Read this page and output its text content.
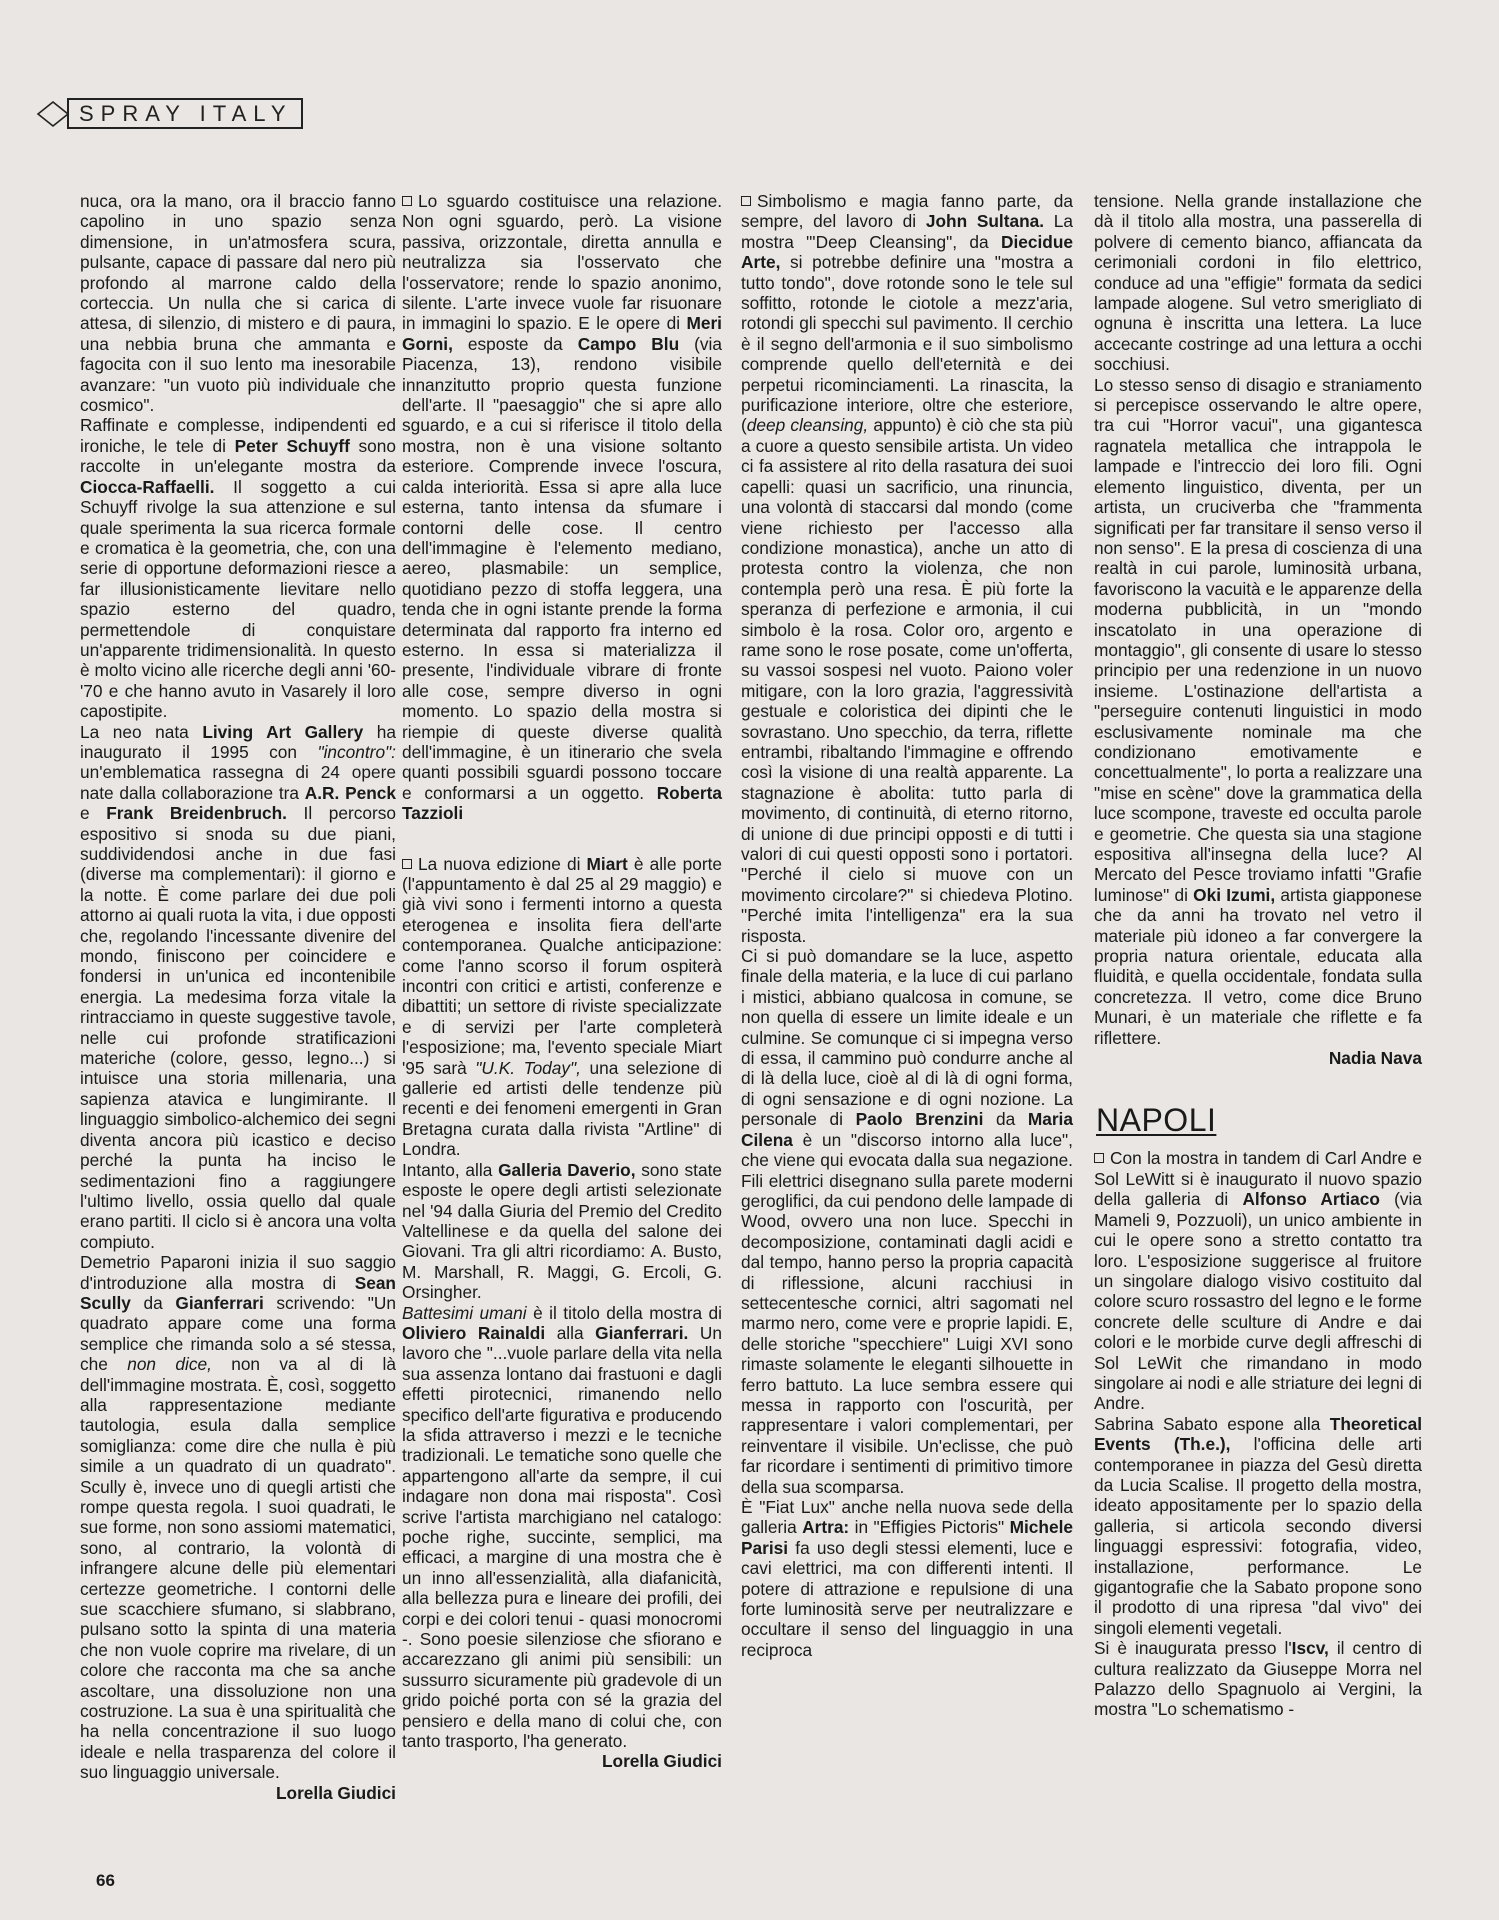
SPRAY ITALY

nuca, ora la mano, ora il braccio fanno capolino in uno spazio senza dimensione, in un'atmosfera scura, pulsante, capace di passare dal nero più profondo al marrone caldo della corteccia. Un nulla che si carica di attesa, di silenzio, di mistero e di paura, una nebbia bruna che ammanta e fagocita con il suo lento ma inesorabile avanzare: "un vuoto più individuale che cosmico".

Raffinate e complesse, indipendenti ed ironiche, le tele di Peter Schuyff sono raccolte in un'elegante mostra da Ciocca-Raffaelli. Il soggetto a cui Schuyff rivolge la sua attenzione e sul quale sperimenta la sua ricerca formale e cromatica è la geometria, che, con una serie di opportune deformazioni riesce a far illusionisticamente lievitare nello spazio esterno del quadro, permettendole di conquistare un'apparente tridimensionalità. In questo è molto vicino alle ricerche degli anni '60-'70 e che hanno avuto in Vasarely il loro capostipite.

La neo nata Living Art Gallery ha inaugurato il 1995 con "incontro": un'emblematica rassegna di 24 opere nate dalla collaborazione tra A.R. Penck e Frank Breidenbruch. Il percorso espositivo si snoda su due piani, suddividendosi anche in due fasi (diverse ma complementari): il giorno e la notte. È come parlare dei due poli attorno ai quali ruota la vita, i due opposti che, regolando l'incessante divenire del mondo, finiscono per coincidere e fondersi in un'unica ed incontenibile energia. La medesima forza vitale la rintracciamo in queste suggestive tavole, nelle cui profonde stratificazioni materiche (colore, gesso, legno...) si intuisce una storia millenaria, una sapienza atavica e lungimirante. Il linguaggio simbolico-alchemico dei segni diventa ancora più icastico e deciso perché la punta ha inciso le sedimentazioni fino a raggiungere l'ultimo livello, ossia quello dal quale erano partiti. Il ciclo si è ancora una volta compiuto.

Demetrio Paparoni inizia il suo saggio d'introduzione alla mostra di Sean Scully da Gianferrari scrivendo: "Un quadrato appare come una forma semplice che rimanda solo a sé stessa, che non dice, non va al di là dell'immagine mostrata. È, così, soggetto alla rappresentazione mediante tautologia, esula dalla semplice somiglianza: come dire che nulla è più simile a un quadrato di un quadrato". Scully è, invece uno di quegli artisti che rompe questa regola. I suoi quadrati, le sue forme, non sono assiomi matematici, sono, al contrario, la volontà di infrangere alcune delle più elementari certezze geometriche. I contorni delle sue scacchiere sfumano, si slabbrano, pulsano sotto la spinta di una materia che non vuole coprire ma rivelare, di un colore che racconta ma che sa anche ascoltare, una dissoluzione non una costruzione. La sua è una spiritualità che ha nella concentrazione il suo luogo ideale e nella trasparenza del colore il suo linguaggio universale.

Lorella Giudici

Lo sguardo costituisce una relazione. Non ogni sguardo, però. La visione passiva, orizzontale, diretta annulla e neutralizza sia l'osservato che l'osservatore; rende lo spazio anonimo, silente. L'arte invece vuole far risuonare in immagini lo spazio. E le opere di Meri Gorni, esposte da Campo Blu (via Piacenza, 13), rendono visibile innanzitutto proprio questa funzione dell'arte. Il "paesaggio" che si apre allo sguardo, e a cui si riferisce il titolo della mostra, non è una visione soltanto esteriore. Comprende invece l'oscura, calda interiorità. Essa si apre alla luce esterna, tanto intensa da sfumare i contorni delle cose. Il centro dell'immagine è l'elemento mediano, aereo, plasmabile: un semplice, quotidiano pezzo di stoffa leggera, una tenda che in ogni istante prende la forma determinata dal rapporto fra interno ed esterno. In essa si materializza il presente, l'individuale vibrare di fronte alle cose, sempre diverso in ogni momento. Lo spazio della mostra si riempie di queste diverse qualità dell'immagine, è un itinerario che svela quanti possibili sguardi possono toccare e conformarsi a un oggetto. Roberta Tazzioli

La nuova edizione di Miart è alle porte (l'appuntamento è dal 25 al 29 maggio) e già vivi sono i fermenti intorno a questa eterogenea e insolita fiera dell'arte contemporanea. Qualche anticipazione: come l'anno scorso il forum ospiterà incontri con critici e artisti, conferenze e dibattiti; un settore di riviste specializzate e di servizi per l'arte completerà l'esposizione; ma, l'evento speciale Miart '95 sarà "U.K. Today", una selezione di gallerie ed artisti delle tendenze più recenti e dei fenomeni emergenti in Gran Bretagna curata dalla rivista "Artline" di Londra.

Intanto, alla Galleria Daverio, sono state esposte le opere degli artisti selezionate nel '94 dalla Giuria del Premio del Credito Valtellinese e da quella del salone dei Giovani. Tra gli altri ricordiamo: A. Busto, M. Marshall, R. Maggi, G. Ercoli, G. Orsingher.

Battesimi umani è il titolo della mostra di Oliviero Rainaldi alla Gianferrari. Un lavoro che "...vuole parlare della vita nella sua assenza lontano dai frastuoni e dagli effetti pirotecnici, rimanendo nello specifico dell'arte figurativa e producendo la sfida attraverso i mezzi e le tecniche tradizionali. Le tematiche sono quelle che appartengono all'arte da sempre, il cui indagare non dona mai risposta". Così scrive l'artista marchigiano nel catalogo: poche righe, succinte, semplici, ma efficaci, a margine di una mostra che è un inno all'essenzialità, alla diafanicità, alla bellezza pura e lineare dei profili, dei corpi e dei colori tenui - quasi monocromi -. Sono poesie silenziose che sfiorano e accarezzano gli animi più sensibili: un sussurro sicuramente più gradevole di un grido poiché porta con sé la grazia del pensiero e della mano di colui che, con tanto trasporto, l'ha generato.

Lorella Giudici

Simbolismo e magia fanno parte, da sempre, del lavoro di John Sultana. La mostra "'Deep Cleansing", da Diecidue Arte, si potrebbe definire una "mostra a tutto tondo", dove rotonde sono le tele sul soffitto, rotonde le ciotole a mezz'aria, rotondi gli specchi sul pavimento. Il cerchio è il segno dell'armonia e il suo simbolismo comprende quello dell'eternità e dei perpetui ricominciamenti. La rinascita, la purificazione interiore, oltre che esteriore, (deep cleansing, appunto) è ciò che sta più a cuore a questo sensibile artista. Un video ci fa assistere al rito della rasatura dei suoi capelli: quasi un sacrificio, una rinuncia, una volontà di staccarsi dal mondo (come viene richiesto per l'accesso alla condizione monastica), anche un atto di protesta contro la violenza, che non contempla però una resa. È più forte la speranza di perfezione e armonia, il cui simbolo è la rosa. Color oro, argento e rame sono le rose posate, come un'offerta, su vassoi sospesi nel vuoto. Paiono voler mitigare, con la loro grazia, l'aggressività gestuale e coloristica dei dipinti che le sovrastano. Uno specchio, da terra, riflette entrambi, ribaltando l'immagine e offrendo così la visione di una realtà apparente. La stagnazione è abolita: tutto parla di movimento, di continuità, di eterno ritorno, di unione di due principi opposti e di tutti i valori di cui questi opposti sono i portatori. "Perché il cielo si muove con un movimento circolare?" si chiedeva Plotino. "Perché imita l'intelligenza" era la sua risposta.

Ci si può domandare se la luce, aspetto finale della materia, e la luce di cui parlano i mistici, abbiano qualcosa in comune, se non quella di essere un limite ideale e un culmine. Se comunque ci si impegna verso di essa, il cammino può condurre anche al di là della luce, cioè al di là di ogni forma, di ogni sensazione e di ogni nozione. La personale di Paolo Brenzini da Maria Cilena è un "discorso intorno alla luce", che viene qui evocata dalla sua negazione. Fili elettrici disegnano sulla parete moderni geroglifici, da cui pendono delle lampade di Wood, ovvero una non luce. Specchi in decomposizione, contaminati dagli acidi e dal tempo, hanno perso la propria capacità di riflessione, alcuni racchiusi in settecentesche cornici, altri sagomati nel marmo nero, come vere e proprie lapidi. E, delle storiche "specchiere" Luigi XVI sono rimaste solamente le eleganti silhouette in ferro battuto. La luce sembra essere qui messa in rapporto con l'oscurità, per rappresentare i valori complementari, per reinventare il visibile. Un'eclisse, che può far ricordare i sentimenti di primitivo timore della sua scomparsa.

È "Fiat Lux" anche nella nuova sede della galleria Artra: in "Effigies Pictoris" Michele Parisi fa uso degli stessi elementi, luce e cavi elettrici, ma con differenti intenti. Il potere di attrazione e repulsione di una forte luminosità serve per neutralizzare e occultare il senso del linguaggio in una reciproca

tensione. Nella grande installazione che dà il titolo alla mostra, una passerella di polvere di cemento bianco, affiancata da cerimoniali cordoni in filo elettrico, conduce ad una "effigie" formata da sedici lampade alogene. Sul vetro smerigliato di ognuna è inscritta una lettera. La luce accecante costringe ad una lettura a occhi socchiusi.

Lo stesso senso di disagio e straniamento si percepisce osservando le altre opere, tra cui "Horror vacui", una gigantesca ragnatela metallica che intrappola le lampade e l'intreccio dei loro fili. Ogni elemento linguistico, diventa, per un artista, un cruciverba che "frammenta significati per far transitare il senso verso il non senso". E la presa di coscienza di una realtà in cui parole, luminosità urbana, favoriscono la vacuità e le apparenze della moderna pubblicità, in un "mondo inscatolato in una operazione di montaggio", gli consente di usare lo stesso principio per una redenzione in un nuovo insieme. L'ostinazione dell'artista a "perseguire contenuti linguistici in modo esclusivamente nominale ma che condizionano emotivamente e concettualmente", lo porta a realizzare una "mise en scène" dove la grammatica della luce scompone, traveste ed occulta parole e geometrie. Che questa sia una stagione espositiva all'insegna della luce? Al Mercato del Pesce troviamo infatti "Grafie luminose" di Oki Izumi, artista giapponese che da anni ha trovato nel vetro il materiale più idoneo a far convergere la propria natura orientale, educata alla fluidità, e quella occidentale, fondata sulla concretezza. Il vetro, come dice Bruno Munari, è un materiale che riflette e fa riflettere.

Nadia Nava

NAPOLI

Con la mostra in tandem di Carl Andre e Sol LeWitt si è inaugurato il nuovo spazio della galleria di Alfonso Artiaco (via Mameli 9, Pozzuoli), un unico ambiente in cui le opere sono a stretto contatto tra loro. L'esposizione suggerisce al fruitore un singolare dialogo visivo costituito dal colore scuro rossastro del legno e le forme concrete delle sculture di Andre e dai colori e le morbide curve degli affreschi di Sol LeWit che rimandano in modo singolare ai nodi e alle striature dei legni di Andre.

Sabrina Sabato espone alla Theoretical Events (Th.e.), l'officina delle arti contemporanee in piazza del Gesù diretta da Lucia Scalise. Il progetto della mostra, ideato appositamente per lo spazio della galleria, si articola secondo diversi linguaggi espressivi: fotografia, video, installazione, performance. Le gigantografie che la Sabato propone sono il prodotto di una ripresa "dal vivo" dei singoli elementi vegetali.

Si è inaugurata presso l'Iscv, il centro di cultura realizzato da Giuseppe Morra nel Palazzo dello Spagnuolo ai Vergini, la mostra "Lo schematismo -

66
